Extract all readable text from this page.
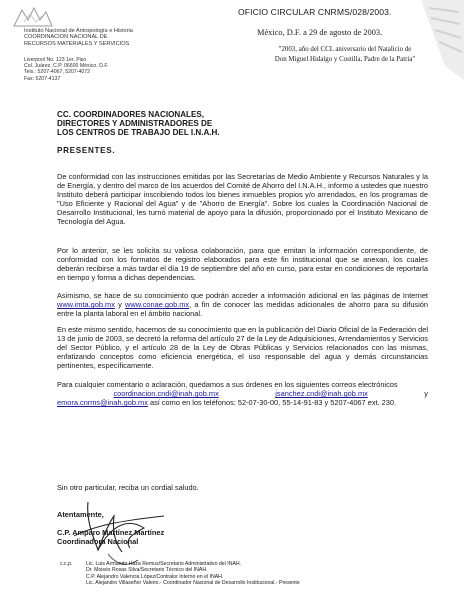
Instituto Nacional de Antropología e Historia
COORDINACION NACIONAL DE
RECURSOS MATERIALES Y SERVICIOS
Liverpool No. 123 1er. Piso
Col. Juárez, C.P. 06600 México, D.F.
Tels.: 5207-4067, 5207-4072
Fax: 5207-4137
OFICIO CIRCULAR CNRMS/028/2003.
México, D.F. a 29 de agosto de 2003.
"2003, año del CCL aniversario del Natalicio de
Don Miguel Hidalgo y Costilla, Padre de la Patria"
CC. COORDINADORES NACIONALES,
DIRECTORES Y ADMINISTRADORES DE
LOS CENTROS DE TRABAJO DEL I.N.A.H.
PRESENTES.
De conformidad con las instrucciones emitidas por las Secretarías de Medio Ambiente y Recursos Naturales y la de Energía, y dentro del marco de los acuerdos del Comité de Ahorro del I.N.A.H., informo a ustedes que nuestro Instituto deberá participar inscribiendo todos los bienes inmuebles propios y/o arrendados, en los programas de "Uso Eficiente y Racional del Agua" y de "Ahorro de Energía". Sobre los cuales la Coordinación Nacional de Desarrollo Institucional, les turnó material de apoyo para la difusión, proporcionado por el Instituto Mexicano de Tecnología del Agua.
Por lo anterior, se les solicita su valiosa colaboración, para que emitan la información correspondiente, de conformidad con los formatos de registro elaborados para este fin institucional que se anexan, los cuales deberán recibirse a más tardar el día 19 de septiembre del año en curso, para estar en condiciones de reportarla en tiempo y forma a dichas dependencias.
Asimismo, se hace de su conocimiento que podrán acceder a información adicional en las páginas de Internet www.imta.gob.mx y www.conae.gob.mx, a fin de conocer las medidas adicionales de ahorro para su difusión entre la planta laboral en el ámbito nacional.
En este mismo sentido, hacemos de su conocimiento que en la publicación del Diario Oficial de la Federación del 13 de junio de 2003, se decretó la reforma del artículo 27 de la Ley de Adquisiciones, Arrendamientos y Servicios del Sector Público, y el artículo 28 de la Ley de Obras Públicas y Servicios relacionados con las mismas, enfatizando conceptos como eficiencia energética, el uso responsable del agua y demás circunstancias pertinentes, específicamente.
Para cualquier comentario o aclaración, quedamos a sus órdenes en los siguientes correos electrónicos
coordinacion.cndi@inah.gob.mx	jsanchez.cndi@inah.gob.mx	y
emora.cnrms@inah.gob.mx así como en los teléfonos: 52-07-30-00, 55-14-91-83 y 5207-4067 ext. 230.
Sin otro particular, reciba un cordial saludo.
Atentamente,
C.P. Amparo Martínez Martínez
Coordinadora Nacional
c.c.p.	Lic. Luis Armando Haza Remus/Secretario Administrativo del INAH.
Dr. Moisés Rosas Silva/Secretario Técnico del INAH.
C.P. Alejandro Valencia López/Contralor Interno en el INAH.
Lic. Alejandro Villaseñor Valerio.- Coordinador Nacional de Desarrollo Institucional.- Presente
